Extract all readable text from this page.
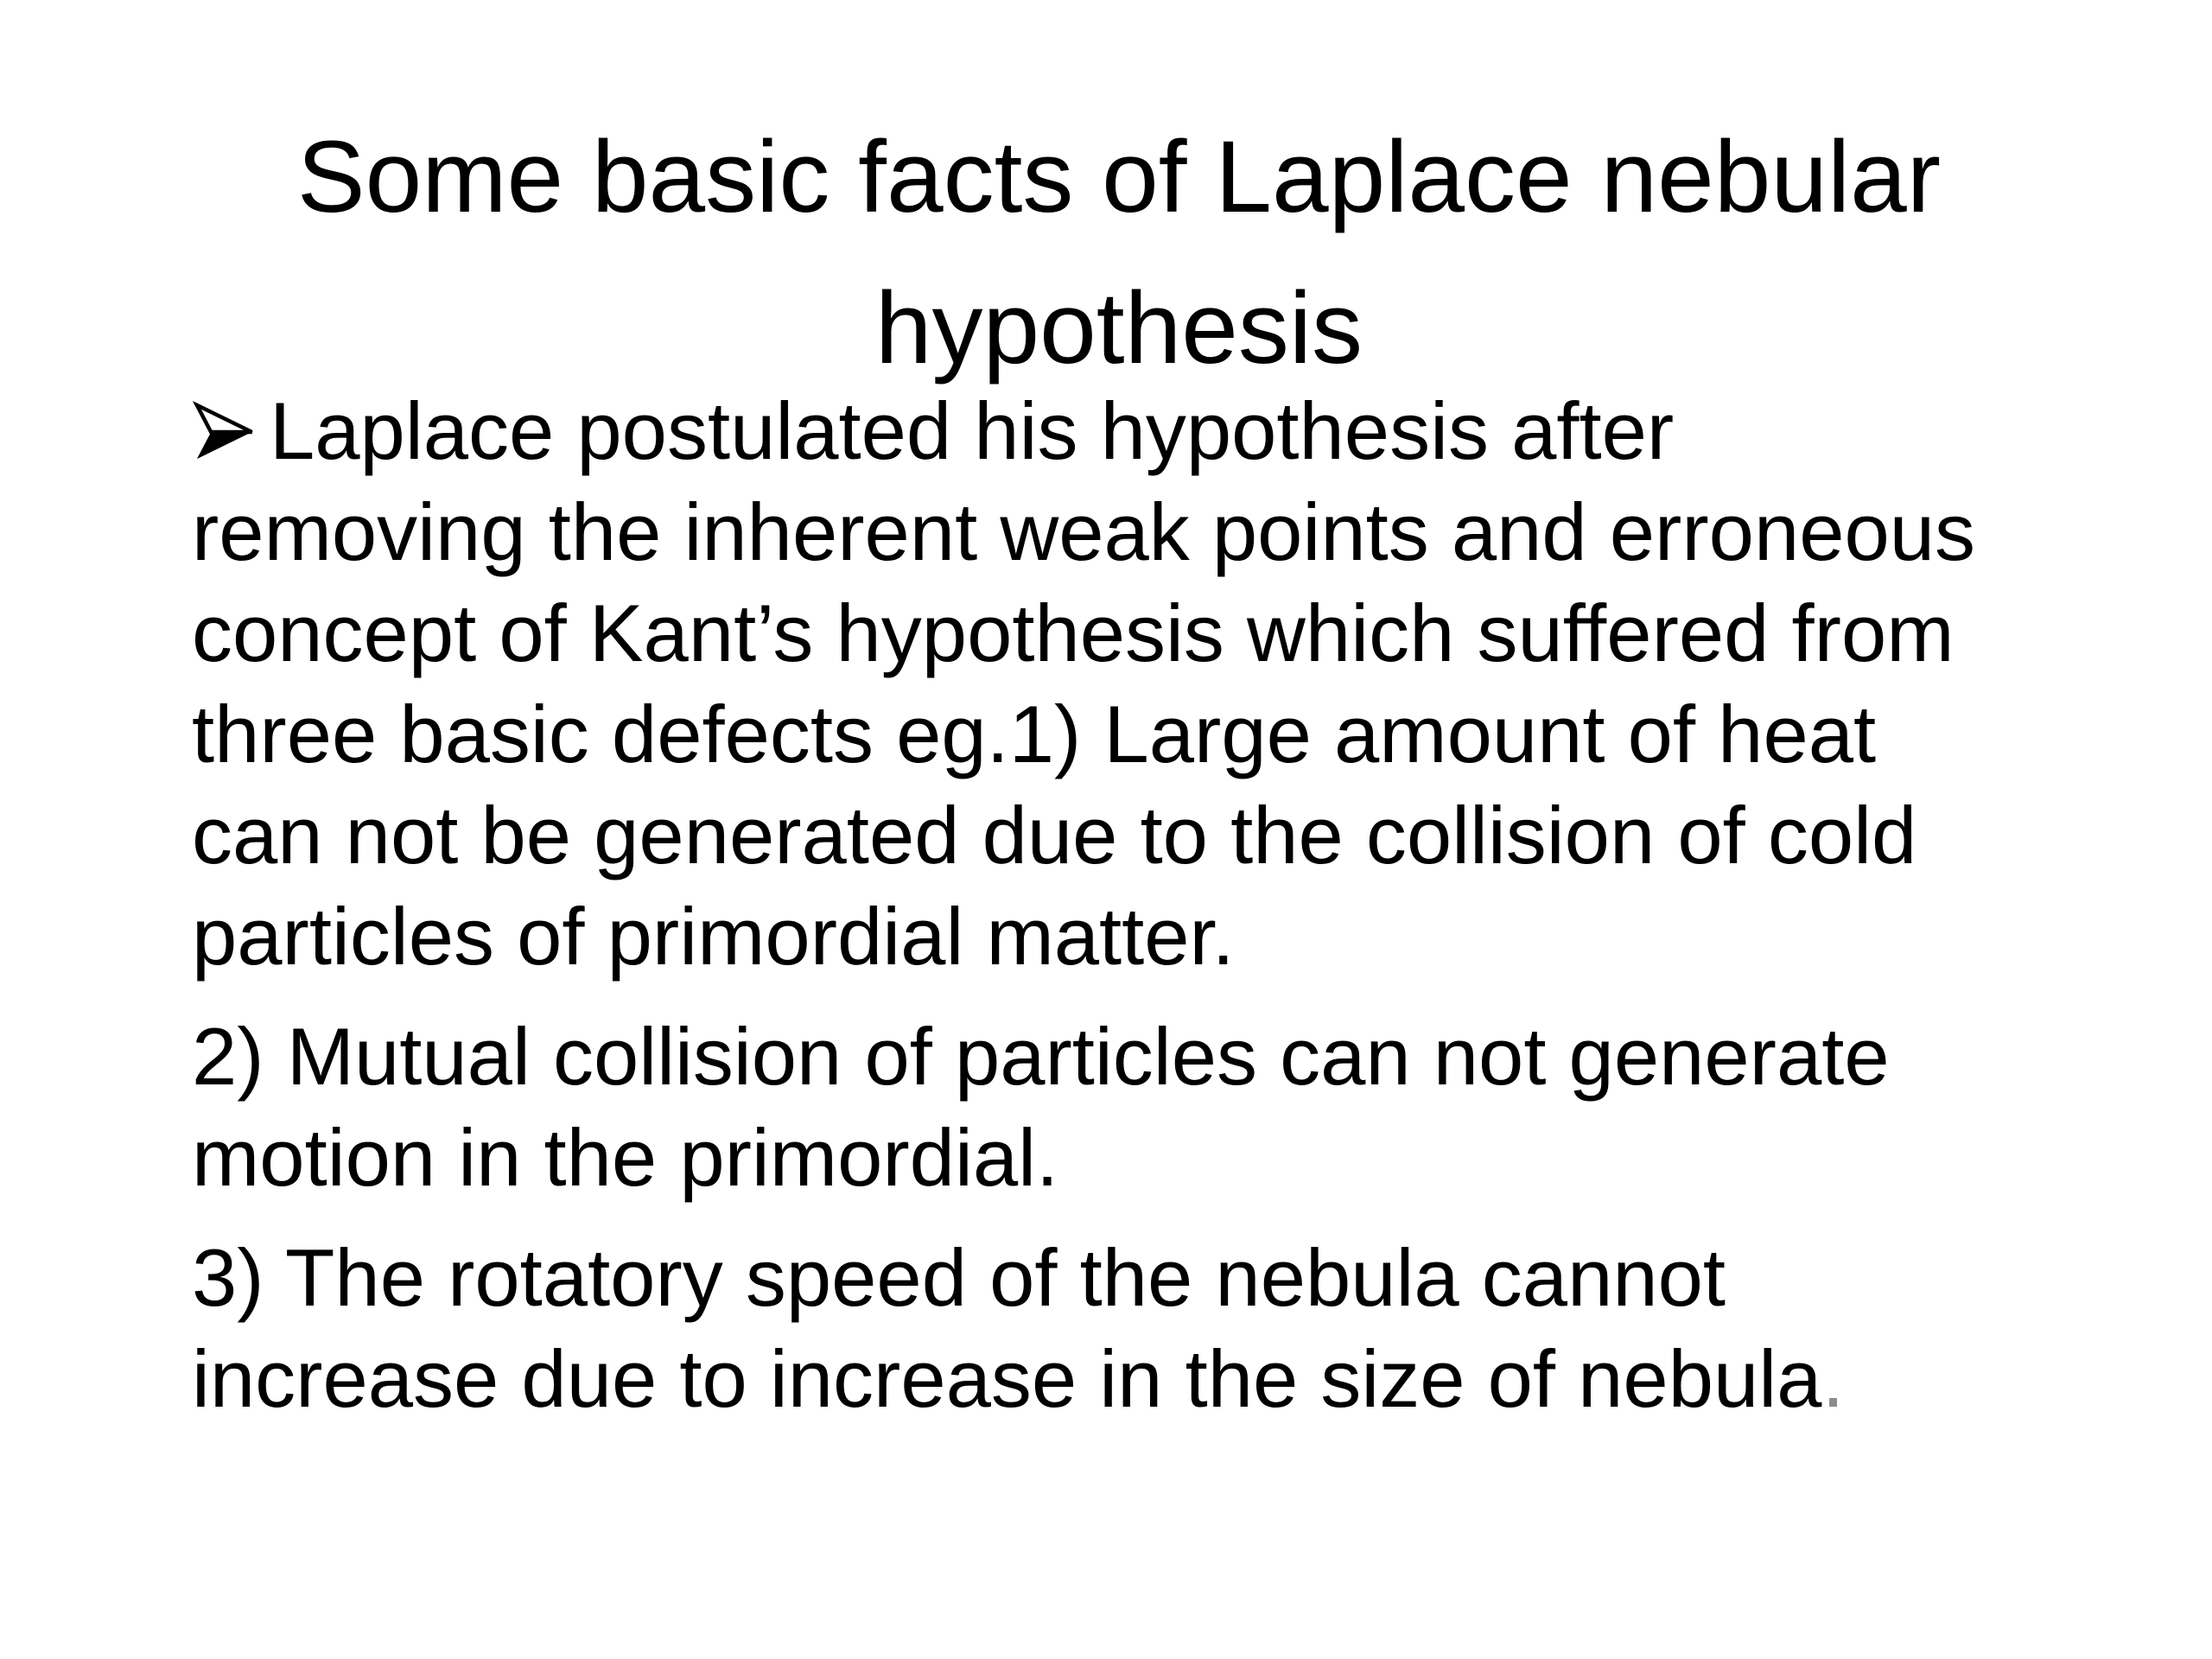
Some basic facts of Laplace nebular hypothesis

Laplace postulated his hypothesis after removing the inherent weak points and erroneous concept of Kant’s hypothesis which suffered from three basic defects eg.1) Large amount of heat can not be generated due to the collision of cold particles of primordial matter.

2) Mutual collision of particles can not generate motion in the primordial.

3) The rotatory speed of the nebula cannot increase due to increase in the size of nebula.
